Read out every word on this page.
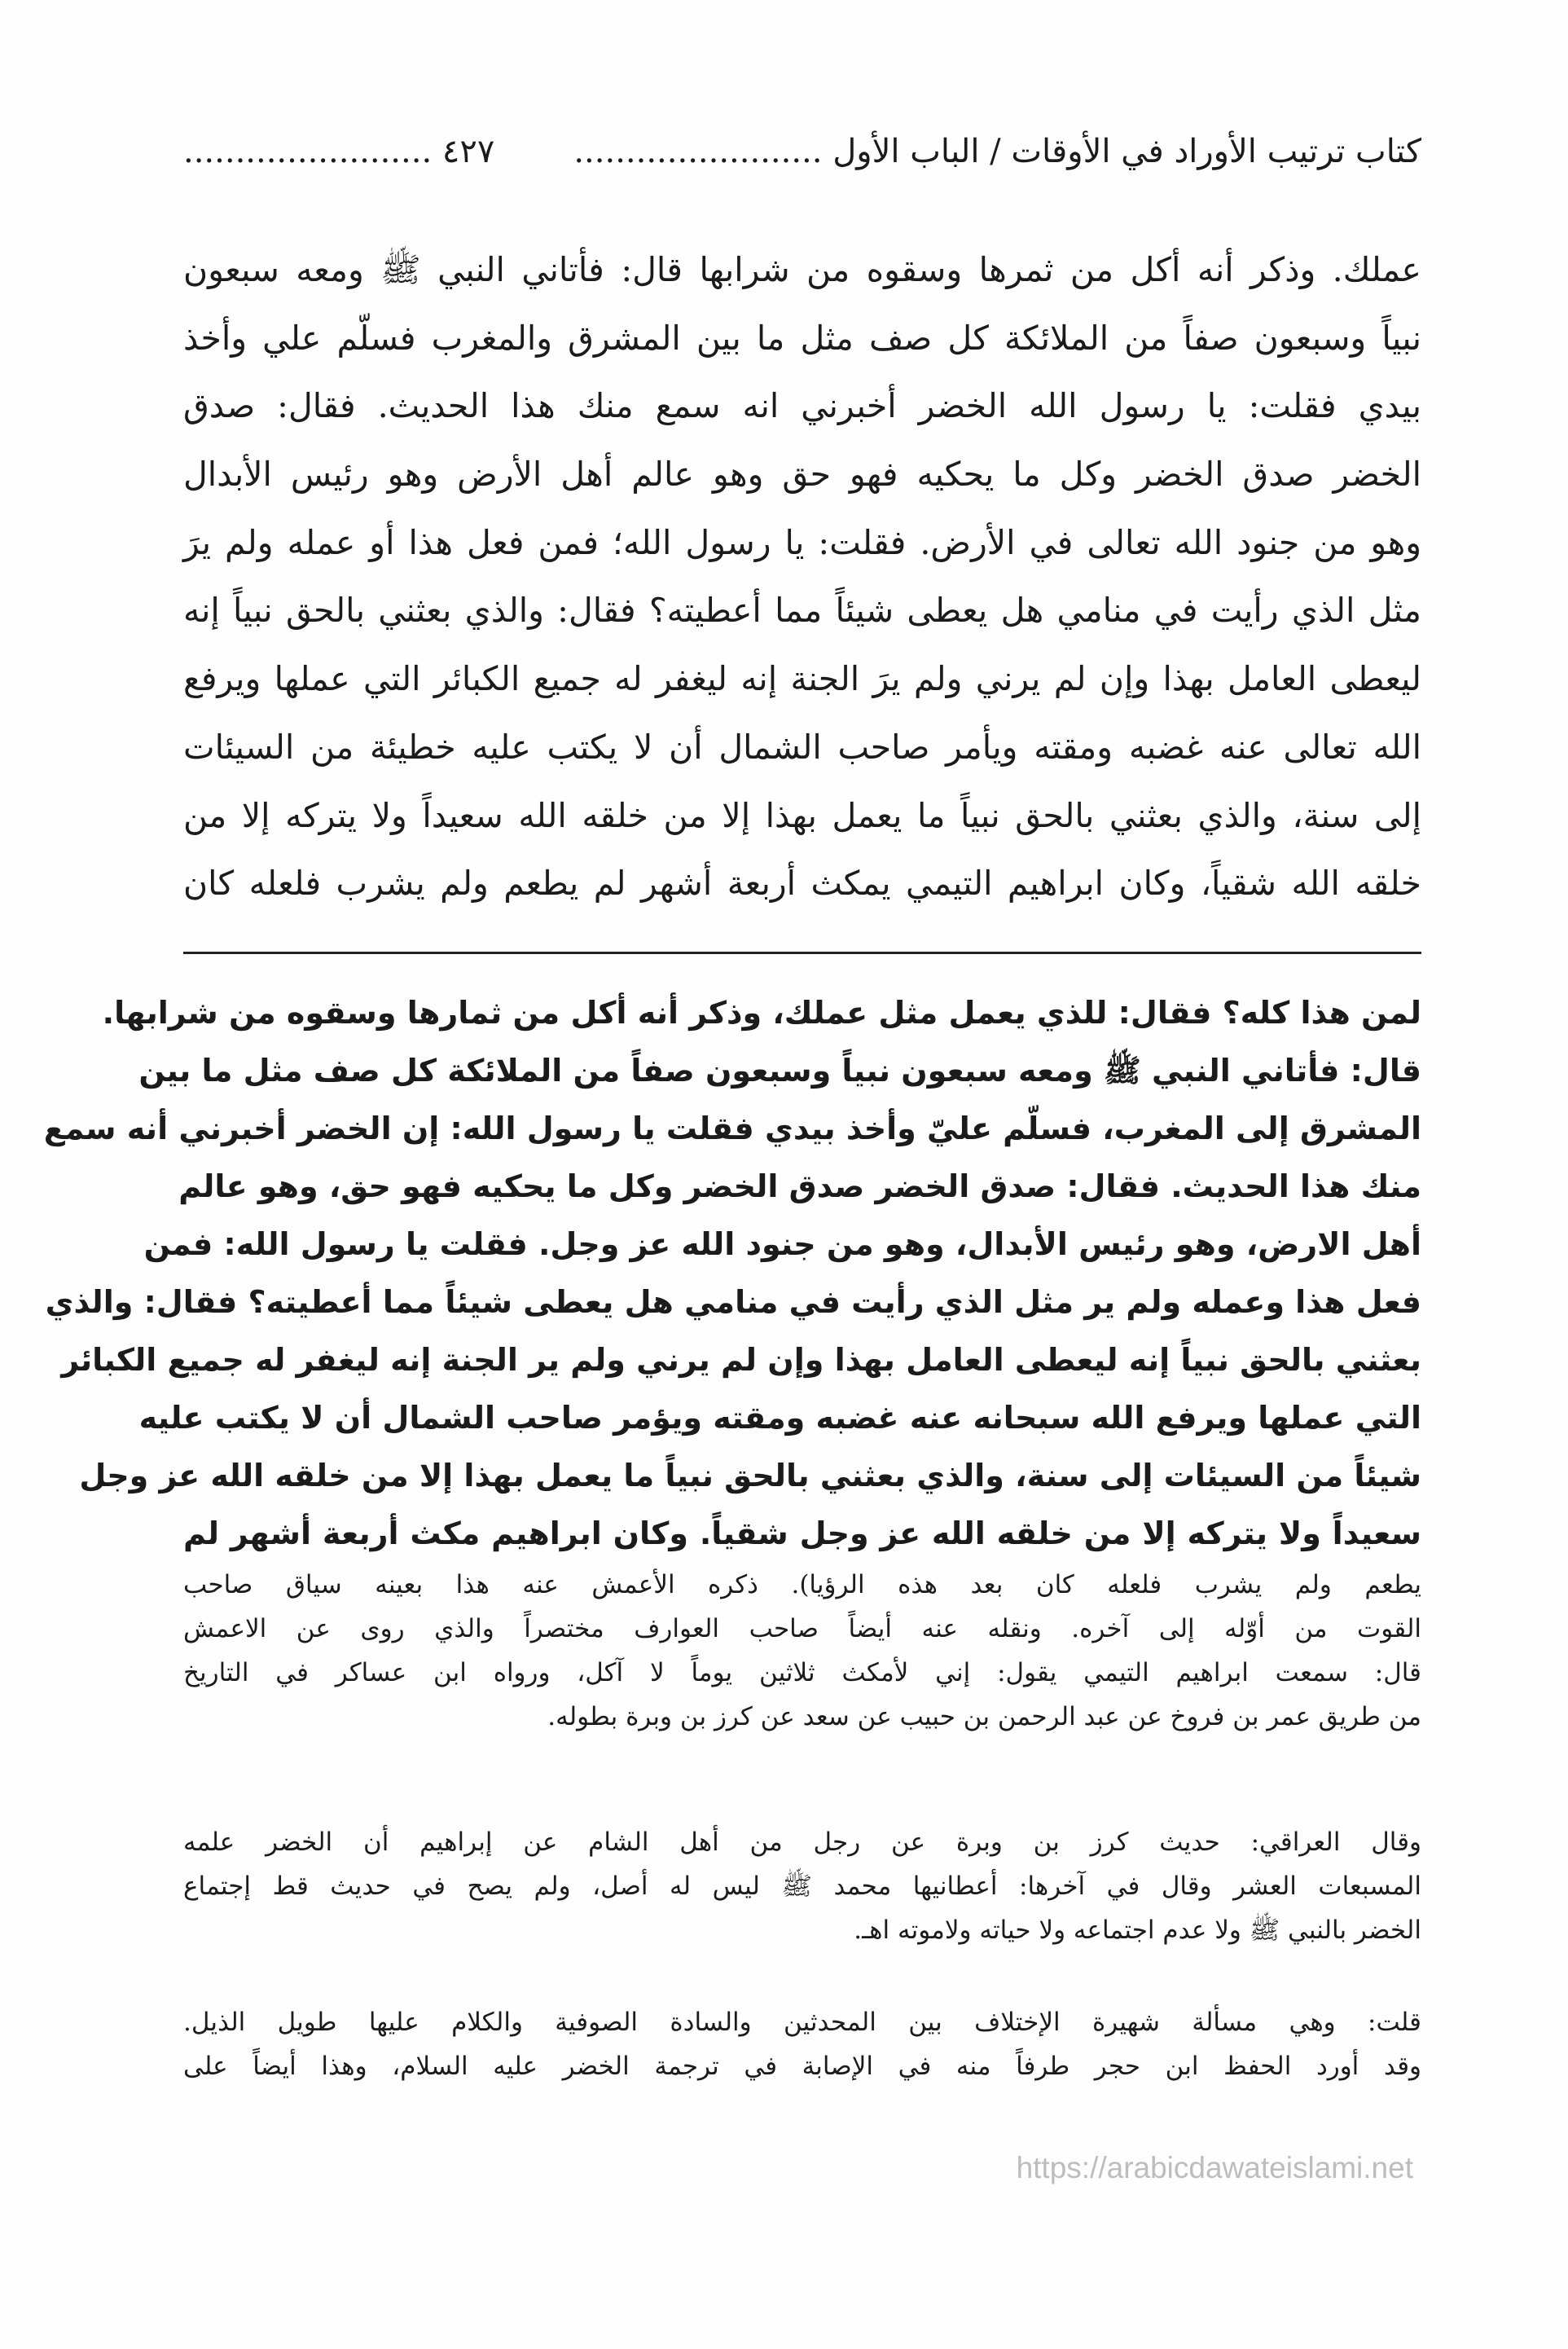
كتاب ترتيب الأوراد في الأوقات / الباب الأول ........................
٤٢٧ ........................
عملك. وذكر أنه أكل من ثمرها وسقوه من شرابها قال: فأتاني النبي ﷺ ومعه سبعون
نبياً وسبعون صفاً من الملائكة كل صف مثل ما بين المشرق والمغرب فسلّم علي وأخذ
بيدي فقلت: يا رسول الله الخضر أخبرني انه سمع منك هذا الحديث. فقال: صدق
الخضر صدق الخضر وكل ما يحكيه فهو حق وهو عالم أهل الأرض وهو رئيس الأبدال
وهو من جنود الله تعالى في الأرض. فقلت: يا رسول الله؛ فمن فعل هذا أو عمله ولم يرَ
مثل الذي رأيت في منامي هل يعطى شيئاً مما أعطيته؟ فقال: والذي بعثني بالحق نبياً إنه
ليعطى العامل بهذا وإن لم يرني ولم يرَ الجنة إنه ليغفر له جميع الكبائر التي عملها ويرفع
الله تعالى عنه غضبه ومقته ويأمر صاحب الشمال أن لا يكتب عليه خطيئة من السيئات
إلى سنة، والذي بعثني بالحق نبياً ما يعمل بهذا إلا من خلقه الله سعيداً ولا يتركه إلا من
خلقه الله شقياً، وكان ابراهيم التيمي يمكث أربعة أشهر لم يطعم ولم يشرب فلعله كان
لمن هذا كله؟ فقال: للذي يعمل مثل عملك، وذكر أنه أكل من ثمارها وسقوه من شرابها.
قال: فأتاني النبي ﷺ ومعه سبعون نبياً وسبعون صفاً من الملائكة كل صف مثل ما بين
المشرق إلى المغرب، فسلّم عليّ وأخذ بيدي فقلت يا رسول الله: إن الخضر أخبرني أنه سمع
منك هذا الحديث. فقال: صدق الخضر صدق الخضر وكل ما يحكيه فهو حق، وهو عالم
أهل الارض، وهو رئيس الأبدال، وهو من جنود الله عز وجل. فقلت يا رسول الله: فمن
فعل هذا وعمله ولم ير مثل الذي رأيت في منامي هل يعطى شيئاً مما أعطيته؟ فقال: والذي
بعثني بالحق نبياً إنه ليعطى العامل بهذا وإن لم يرني ولم ير الجنة إنه ليغفر له جميع الكبائر
التي عملها ويرفع الله سبحانه عنه غضبه ومقته ويؤمر صاحب الشمال أن لا يكتب عليه
شيئاً من السيئات إلى سنة، والذي بعثني بالحق نبياً ما يعمل بهذا إلا من خلقه الله عز وجل
سعيداً ولا يتركه إلا من خلقه الله عز وجل شقياً. وكان ابراهيم مكث أربعة أشهر لم
يطعم ولم يشرب فلعله كان بعد هذه الرؤيا). ذكره الأعمش عنه هذا بعينه سياق صاحب
القوت من أوّله إلى آخره. ونقله عنه أيضاً صاحب العوارف مختصراً والذي روى عن الاعمش
قال: سمعت ابراهيم التيمي يقول: إني لأمكث ثلاثين يوماً لا آكل، ورواه ابن عساكر في التاريخ
من طريق عمر بن فروخ عن عبد الرحمن بن حبيب عن سعد عن كرز بن وبرة بطوله.
وقال العراقي: حديث كرز بن وبرة عن رجل من أهل الشام عن إبراهيم أن الخضر علمه
المسبعات العشر وقال في آخرها: أعطانيها محمد ﷺ ليس له أصل، ولم يصح في حديث قط إجتماع
الخضر بالنبي ﷺ ولا عدم اجتماعه ولا حياته ولاموته اهـ.
قلت: وهي مسألة شهيرة الإختلاف بين المحدثين والسادة الصوفية والكلام عليها طويل الذيل.
وقد أورد الحفظ ابن حجر طرفاً منه في الإصابة في ترجمة الخضر عليه السلام، وهذا أيضاً على
https://arabicdawateislami.net
